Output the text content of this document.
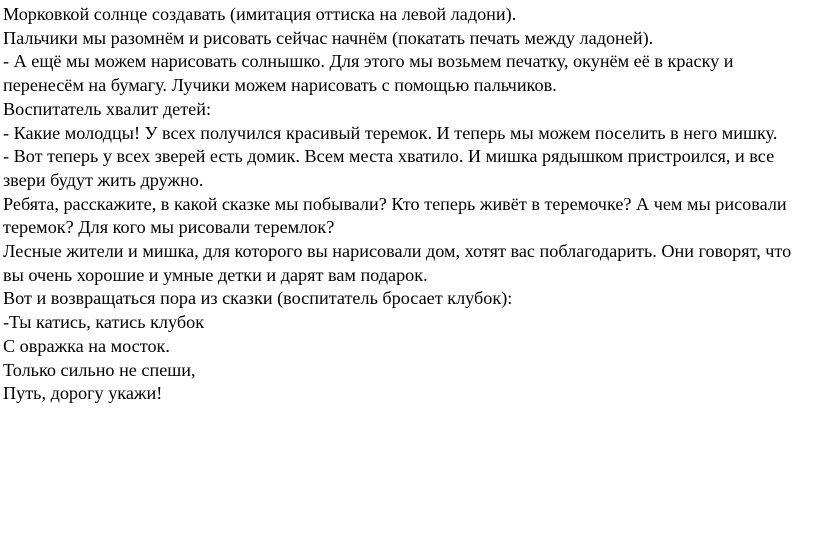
Морковкой солнце создавать (имитация оттиска на левой ладони).

Пальчики мы разомнём и рисовать сейчас начнём (покатать печать между ладоней).

- А ещё мы можем нарисовать солнышко. Для этого мы возьмем печатку, окунём её в краску и перенесём на бумагу. Лучики можем нарисовать с помощью пальчиков.

Воспитатель хвалит детей:

- Какие молодцы! У всех получился красивый теремок. И теперь мы можем поселить в него мишку.

- Вот теперь у всех зверей есть домик. Всем места хватило. И мишка рядышком пристроился, и все звери будут жить дружно.

Ребята, расскажите, в какой сказке мы побывали? Кто теперь живёт в теремочке? А чем мы рисовали теремок? Для кого мы рисовали теремлок?

Лесные жители и мишка, для которого вы нарисовали дом, хотят вас поблагодарить. Они говорят, что вы очень хорошие и умные детки и дарят вам подарок.

Вот и возвращаться пора из сказки (воспитатель бросает клубок):

-Ты катись, катись клубок

С овражка на мосток.

Только сильно не спеши,

Путь, дорогу укажи!
